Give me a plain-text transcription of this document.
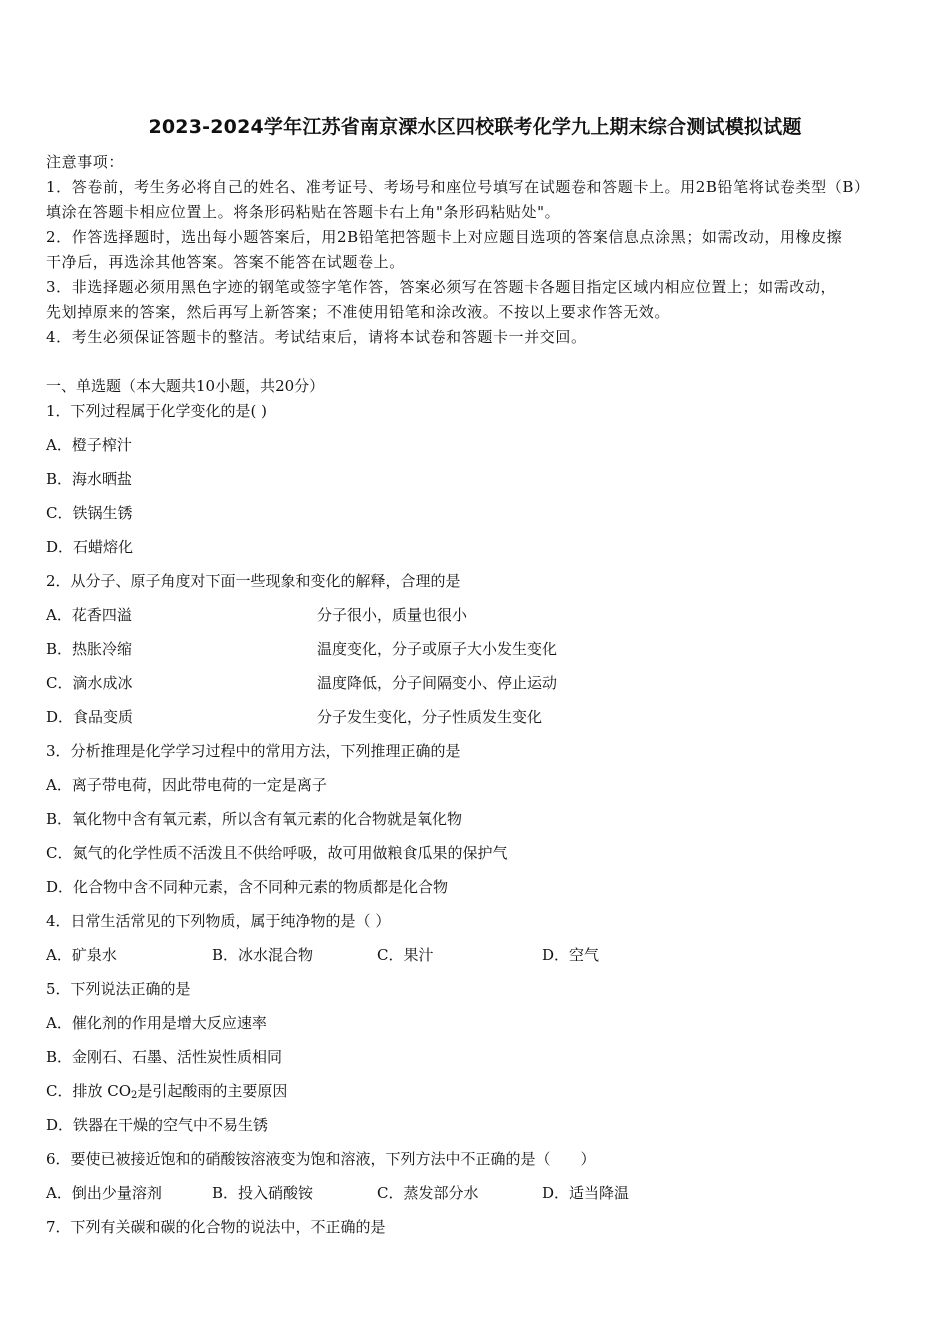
2023-2024学年江苏省南京溧水区四校联考化学九上期末综合测试模拟试题
注意事项：
1．答卷前，考生务必将自己的姓名、准考证号、考场号和座位号填写在试题卷和答题卡上。用2B铅笔将试卷类型（B）
填涂在答题卡相应位置上。将条形码粘贴在答题卡右上角"条形码粘贴处"。
2．作答选择题时，选出每小题答案后，用2B铅笔把答题卡上对应题目选项的答案信息点涂黑；如需改动，用橡皮擦
干净后，再选涂其他答案。答案不能答在试题卷上。
3．非选择题必须用黑色字迹的钢笔或签字笔作答，答案必须写在答题卡各题目指定区域内相应位置上；如需改动，
先划掉原来的答案，然后再写上新答案；不准使用铅笔和涂改液。不按以上要求作答无效。
4．考生必须保证答题卡的整洁。考试结束后，请将本试卷和答题卡一并交回。
一、单选题（本大题共10小题，共20分）
1．下列过程属于化学变化的是( )
A．橙子榨汁
B．海水晒盐
C．铁锅生锈
D．石蜡熔化
2．从分子、原子角度对下面一些现象和变化的解释，合理的是
A．花香四溢	分子很小，质量也很小
B．热胀冷缩	温度变化，分子或原子大小发生变化
C．滴水成冰	温度降低，分子间隔变小、停止运动
D．食品变质	分子发生变化，分子性质发生变化
3．分析推理是化学学习过程中的常用方法，下列推理正确的是
A．离子带电荷，因此带电荷的一定是离子
B．氧化物中含有氧元素，所以含有氧元素的化合物就是氧化物
C．氮气的化学性质不活泼且不供给呼吸，故可用做粮食瓜果的保护气
D．化合物中含不同种元素，含不同种元素的物质都是化合物
4．日常生活常见的下列物质，属于纯净物的是（ ）
A．矿泉水	B．冰水混合物	C．果汁	D．空气
5．下列说法正确的是
A．催化剂的作用是增大反应速率
B．金刚石、石墨、活性炭性质相同
C．排放 $CO_2$是引起酸雨的主要原因
D．铁器在干燥的空气中不易生锈
6．要使已被接近饱和的硝酸铵溶液变为饱和溶液，下列方法中不正确的是（　　）
A．倒出少量溶剂	B．投入硝酸铵	C．蒸发部分水	D．适当降温
7．下列有关碳和碳的化合物的说法中，不正确的是
